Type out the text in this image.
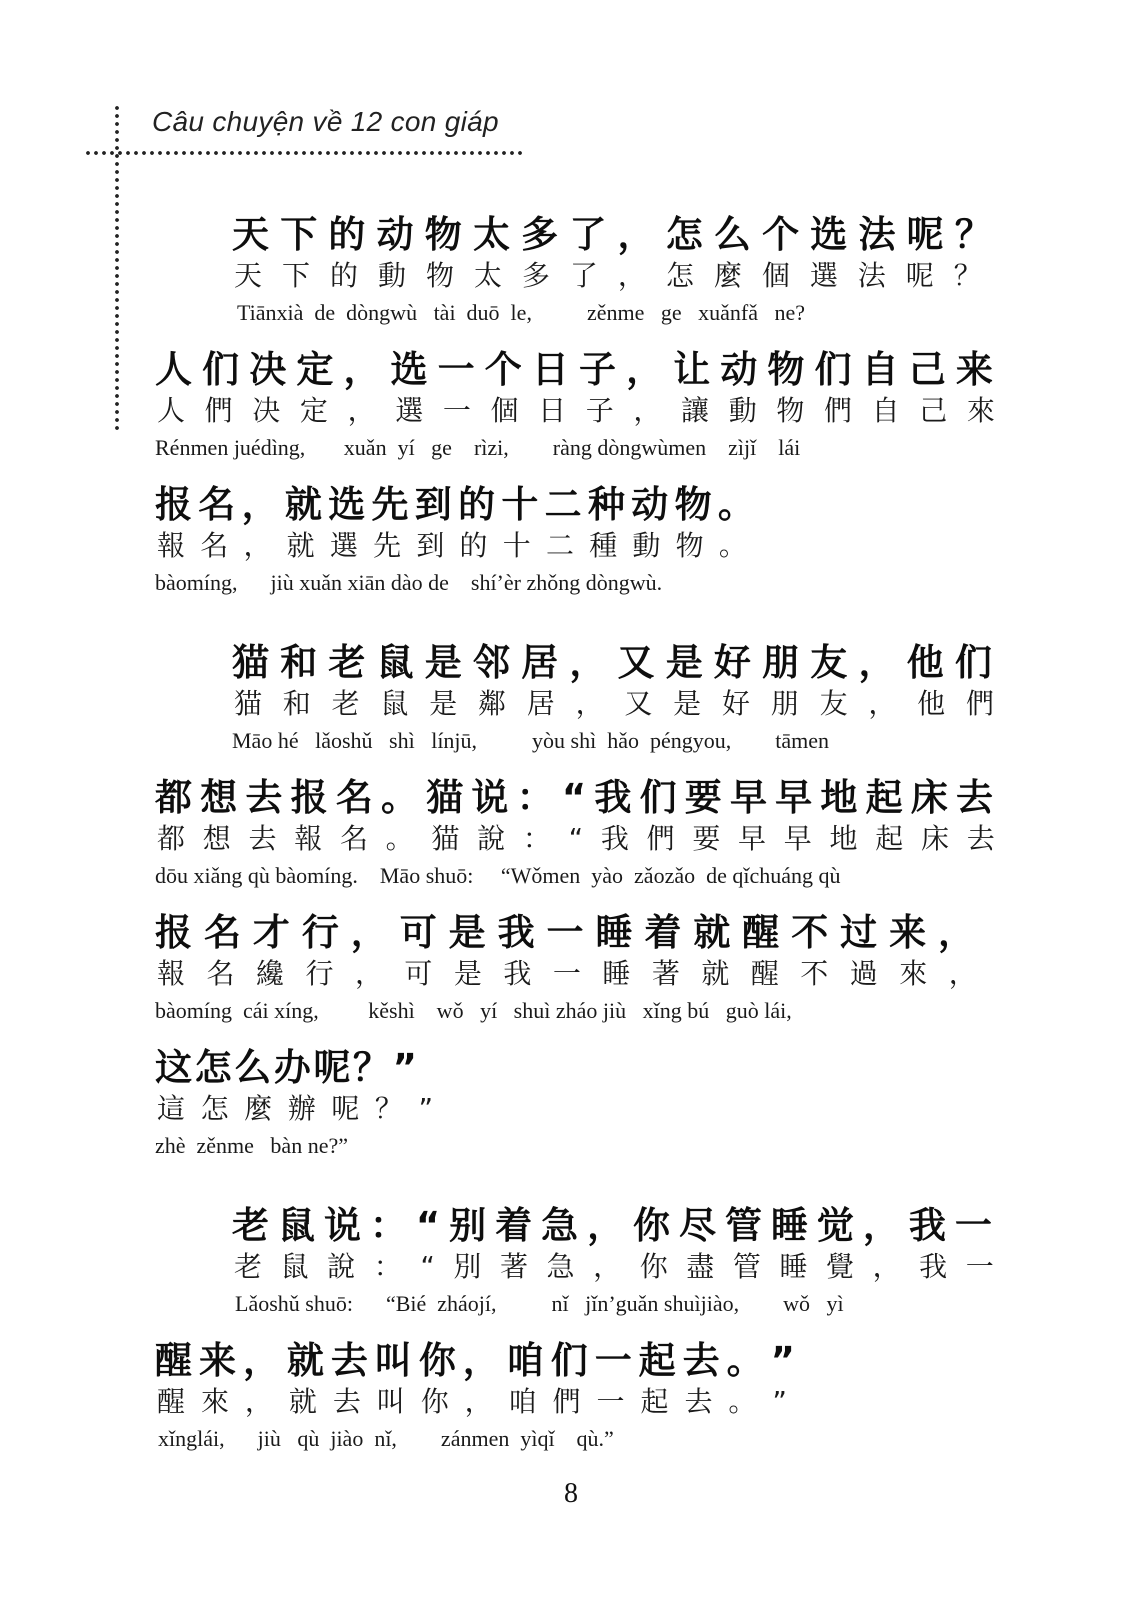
Câu chuyện về 12 con giáp
天 下 的 动 物 太 多 了 ， 怎 么 个 选 法 呢 ？
天 下 的 動 物 太 多 了 ， 怎 麼 個 選 法 呢 ？
Tiānxià  de  dòngwù   tài  duō  le,          zěnme   ge   xuǎnfǎ   ne?
人 们 决 定 ， 选 一 个 日 子 ， 让 动 物 们 自 己 来
人 們 决 定 ， 選 一 個 日 子 ， 讓 動 物 們 自 己 來
Rénmen juédìng,       xuǎn  yí   ge    rìzi,        ràng dòngwùmen    zìjǐ    lái
报 名 ， 就 选 先 到 的 十 二 种 动 物 。
報 名 ， 就 選 先 到 的 十 二 種 動 物 。
bàomíng,      jiù xuǎn xiān dào de    shí’èr zhǒng dòngwù.
猫 和 老 鼠 是 邻 居 ， 又 是 好 朋 友 ， 他 们
猫 和 老 鼠 是 鄰 居 ， 又 是 好 朋 友 ， 他 們
Māo hé   lǎoshǔ   shì   línjū,          yòu shì  hǎo  péngyou,        tāmen
都 想 去 报 名 。 猫 说 ： “ 我 们 要 早 早 地 起 床 去
都 想 去 報 名 。 猫 說 ： “ 我 們 要 早 早 地 起 床 去
dōu xiǎng qù bàomíng.    Māo shuō:     “Wǒmen  yào  zǎozǎo  de qǐchuáng qù
报 名 才 行 ， 可 是 我 一 睡 着 就 醒 不 过 来 ，
報 名 纔 行 ， 可 是 我 一 睡 著 就 醒 不 過 來 ，
bàomíng  cái xíng,         kěshì    wǒ   yí   shuì zháo jiù   xǐng bú   guò lái,
这 怎 么 办 呢 ？ ”
這 怎 麼 辦 呢 ？ ”
zhè  zěnme   bàn ne?”
老 鼠 说 ： “ 别 着 急 ， 你 尽 管 睡 觉 ， 我 一
老 鼠 說 ： “ 別 著 急 ， 你 盡 管 睡 覺 ， 我 一
Lǎoshǔ shuō:      “Bié  zháojí,          nǐ   jǐn’guǎn shuìjiào,        wǒ   yì
醒 来 ， 就 去 叫 你 ， 咱 们 一 起 去 。 ”
醒 來 ， 就 去 叫 你 ， 咱 們 一 起 去 。 ”
xǐnglái,      jiù   qù  jiào  nǐ,        zánmen  yìqǐ    qù.”
8
